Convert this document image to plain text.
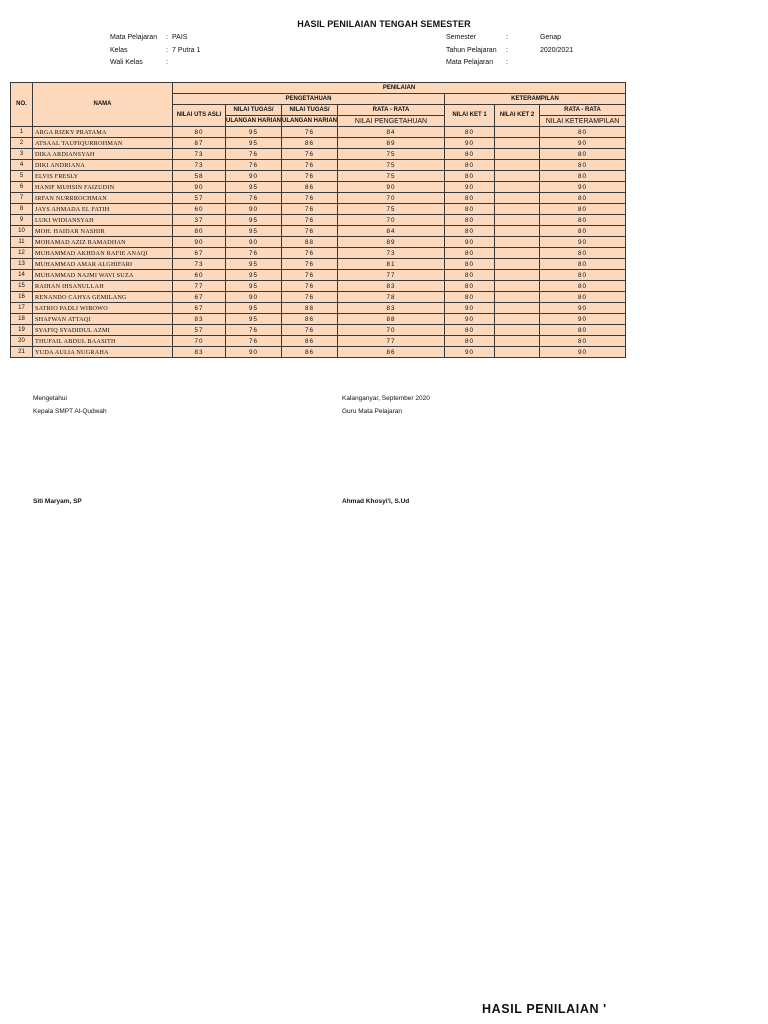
HASIL PENILAIAN TENGAH SEMESTER
Mata Pelajaran	: PAIS
Kelas	: 7 Putra 1
Wali Kelas	:
Semester	:	Genap
Tahun Pelajaran	:	2020/2021
Mata Pelajaran	:
NO.	NAMA	PENILAIAN						
		PENGETAHUAN				KETERAMPILAN		
		NILAI UTS ASLI	NILAI TUGAS/	NILAI TUGAS/	RATA - RATA	NILAI KET 1	NILAI KET 2	RATA - RATA
			ULANGAN HARIAN	ULANGAN HARIAN	NILAI PENGETAHUAN			NILAI KETERAMPILAN
1	ARGA RIZKY PRATAMA	80	95	76	84	80		80
2	ATSAAL TAUFIQURROHMAN	87	95	86	89	90		90
3	DIKA ARDIANSYAH	73	76	76	75	80		80
4	DIKI ANDRIANA	73	76	76	75	80		80
5	ELVIS FRESLY	58	90	76	75	80		80
6	HANIF MUHSIN FAIZUDIN	90	95	86	90	90		90
7	IRFAN NURRROCHMAN	57	76	76	70	80		80
8	JAYS AHMADA EL FATIH	60	90	76	75	80		80
9	LUKI WIDIANSYAH	37	95	76	70	80		80
10	MOH. HAIDAR NASHIR	80	95	76	84	80		80
11	MOHAMAD AZIZ RAMADHAN	90	90	88	89	90		90
12	MUHAMMAD AKHDAN RAFIE ANAQI	67	76	76	73	80		80
13	MUHAMMAD AMAR ALGHIFARI	73	95	76	81	80		80
14	MUHAMMAD NAJMI WAVI SUZA	60	95	76	77	80		80
15	RAIHAN IHSANULLAH	77	95	76	83	80		80
16	RENANDO CAHYA GEMILANG	67	90	76	78	80		80
17	SATRIO PADLI WIBOWO	67	95	88	83	90		90
18	SHAFWAN ATTAQI	83	95	86	88	90		90
19	SYAFIQ SYADIDUL AZMI	57	76	76	70	80		80
20	THUFAIL ABDUL BAASITH	70	76	86	77	80		80
21	YUDA AULIA NUGRAHA	83	90	86	86	90		90
Mengetahui
Kepala SMPT Al-Qudwah
Kalanganyar, September 2020
Guru Mata Pelajaran
Siti Maryam, SP	Ahmad Khosyi'i, S.Ud
HASIL PENILAIAN '
